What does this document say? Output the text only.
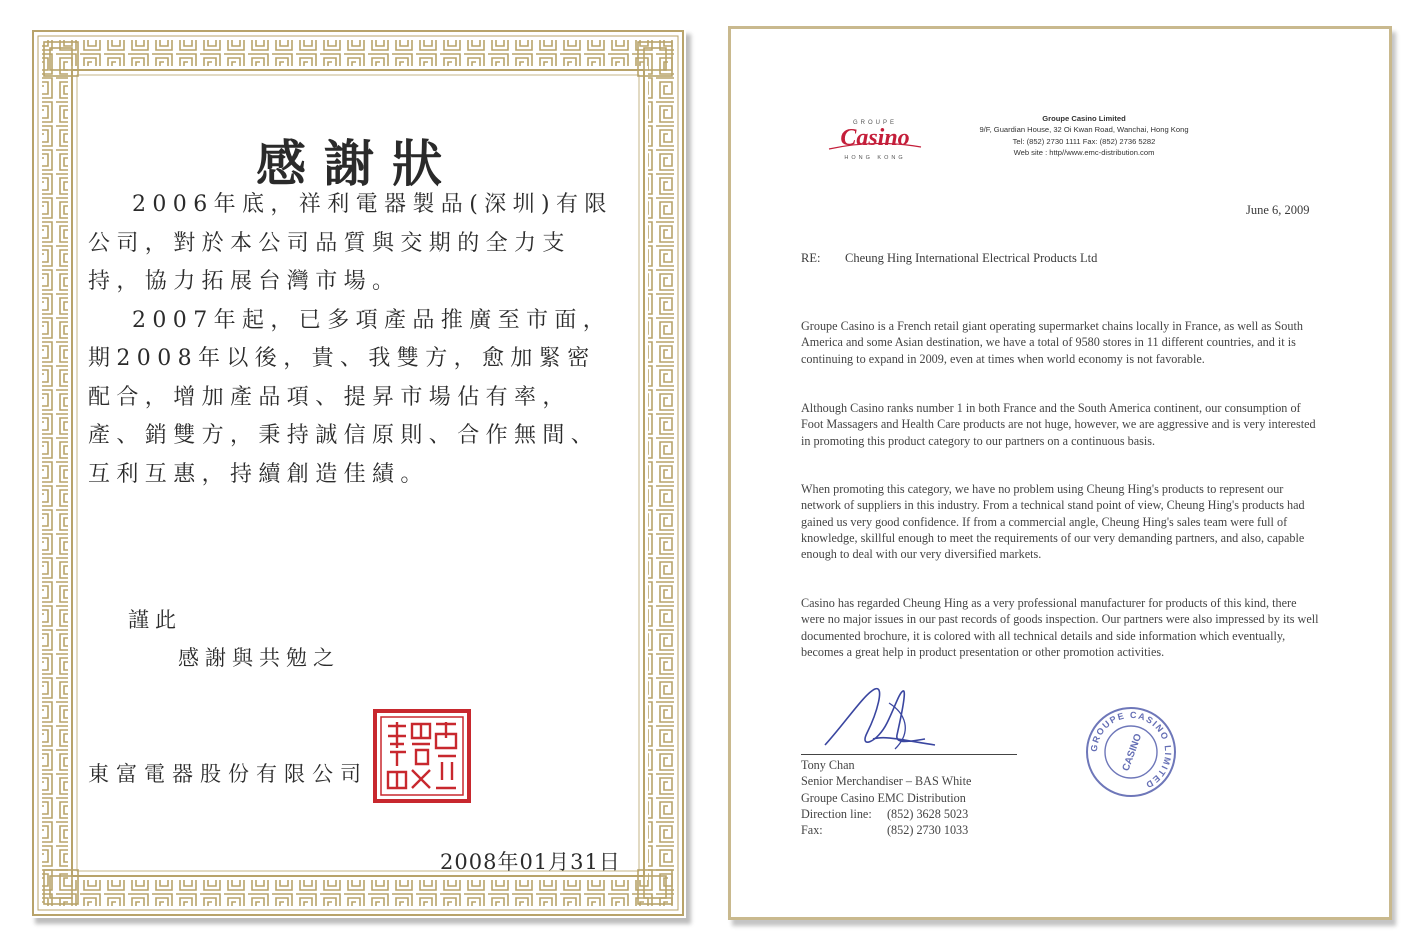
感謝狀

2006年底，祥利電器製品(深圳)有限公司，對於本公司品質與交期的全力支持，協力拓展台灣市場。

2007年起，已多項產品推廣至市面，期2008年以後，貴、我雙方，愈加緊密配合，增加產品項、提昇市場佔有率，產、銷雙方，秉持誠信原則、合作無間、互利互惠，持續創造佳績。

謹此
感謝與共勉之
東富電器股份有限公司
2008年01月31日
GROUPE
Casino
HONG KONG
Groupe Casino Limited
9/F, Guardian House, 32 Oi Kwan Road, Wanchai, Hong Kong
Tel: (852) 2730 1111 Fax: (852) 2736 5282
Web site : http//www.emc-distribution.com
June 6, 2009
RE: Cheung Hing International Electrical Products Ltd
Groupe Casino is a French retail giant operating supermarket chains locally in France, as well as South America and some Asian destination, we have a total of 9580 stores in 11 different countries, and it is continuing to expand in 2009, even at times when world economy is not favorable.
Although Casino ranks number 1 in both France and the South America continent, our consumption of Foot Massagers and Health Care products are not huge, however, we are aggressive and is very interested in promoting this product category to our partners on a continuous basis.
When promoting this category, we have no problem using Cheung Hing's products to represent our network of suppliers in this industry. From a technical stand point of view, Cheung Hing's products had gained us very good confidence. If from a commercial angle, Cheung Hing's sales team were full of knowledge, skillful enough to meet the requirements of our very demanding partners, and also, capable enough to deal with our very diversified markets.
Casino has regarded Cheung Hing as a very professional manufacturer for products of this kind, there were no major issues in our past records of goods inspection. Our partners were also impressed by its well documented brochure, it is colored with all technical details and side information which eventually, becomes a great help in product presentation or other promotion activities.
Tony Chan
Senior Merchandiser – BAS White
Groupe Casino EMC Distribution
Direction line: (852) 3628 5023
Fax:	(852) 2730 1033
GROUPE CASINO LIMITED
CASINO
